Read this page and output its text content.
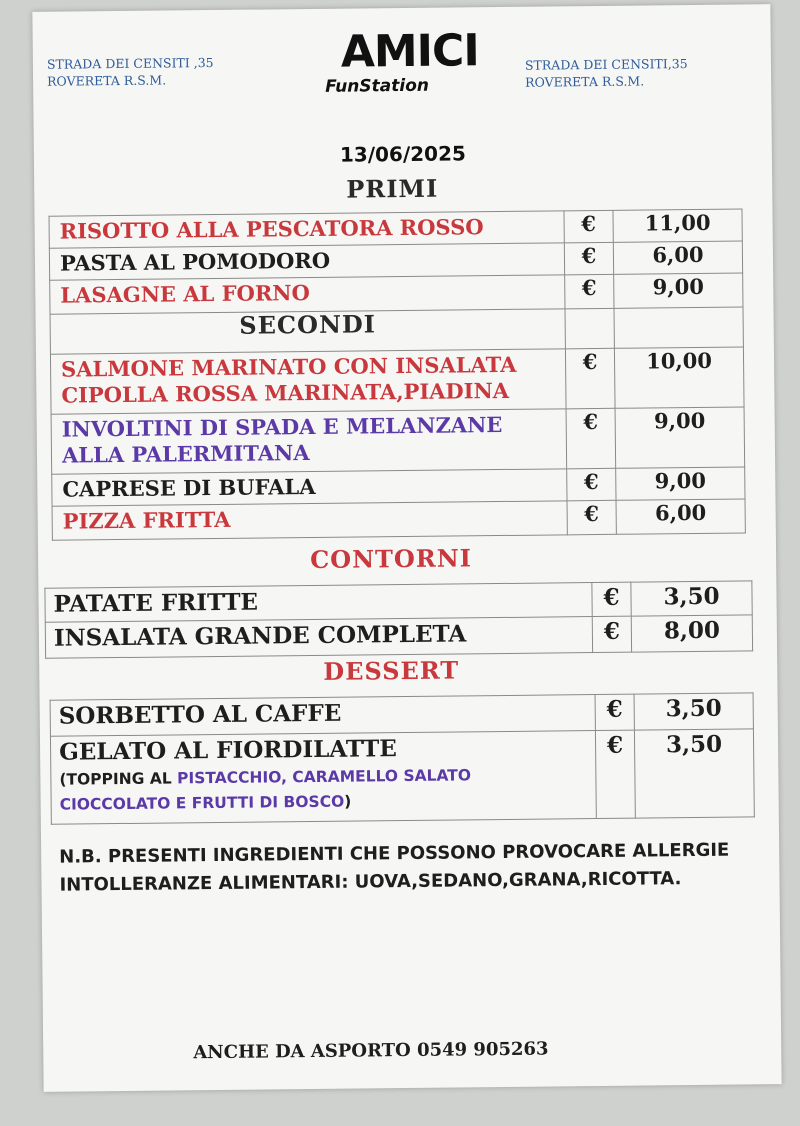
STRADA DEI CENSITI ,35
ROVERETA R.S.M.
AMICI
FunStation
STRADA DEI CENSITI,35
ROVERETA R.S.M.
13/06/2025
PRIMI
RISOTTO ALLA PESCATORA ROSSO	€	11,00
PASTA AL POMODORO	€	6,00
LASAGNE AL FORNO	€	9,00
SECONDI		

SALMONE MARINATO CON INSALATA
CIPOLLA ROSSA MARINATA,PIADINA	€	10,00

INVOLTINI DI SPADA E MELANZANE
ALLA PALERMITANA	€	9,00
CAPRESE DI BUFALA	€	9,00
PIZZA FRITTA	€	6,00
CONTORNI
PATATE FRITTE	€	3,50
INSALATA GRANDE COMPLETA	€	8,00
DESSERT
SORBETTO AL CAFFE	€	3,50

GELATO AL FIORDILATTE
(TOPPING AL PISTACCHIO, CARAMELLO SALATO
CIOCCOLATO E FRUTTI DI BOSCO)	€	3,50
N.B. PRESENTI INGREDIENTI CHE POSSONO PROVOCARE ALLERGIE
INTOLLERANZE ALIMENTARI: UOVA,SEDANO,GRANA,RICOTTA.
ANCHE DA ASPORTO 0549 905263
